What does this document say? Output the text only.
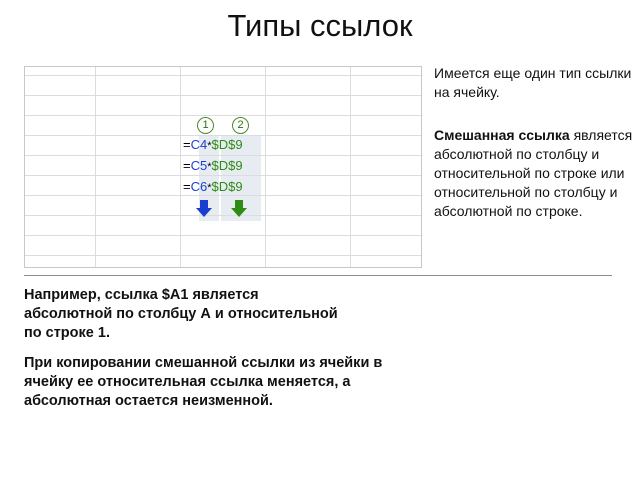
Типы ссылок
1	2
=C4*$D$9
=C5*$D$9
=C6*$D$9
Имеется еще один тип ссылки на ячейку.
Смешанная ссылка является абсолютной по столбцу и относительной по строке или относительной по столбцу и абсолютной по строке.
Например, ссылка $A1 является абсолютной по столбцу А и относительной по строке 1.
При копировании смешанной ссылки из ячейки в ячейку ее относительная ссылка меняется, а абсолютная остается неизменной.
